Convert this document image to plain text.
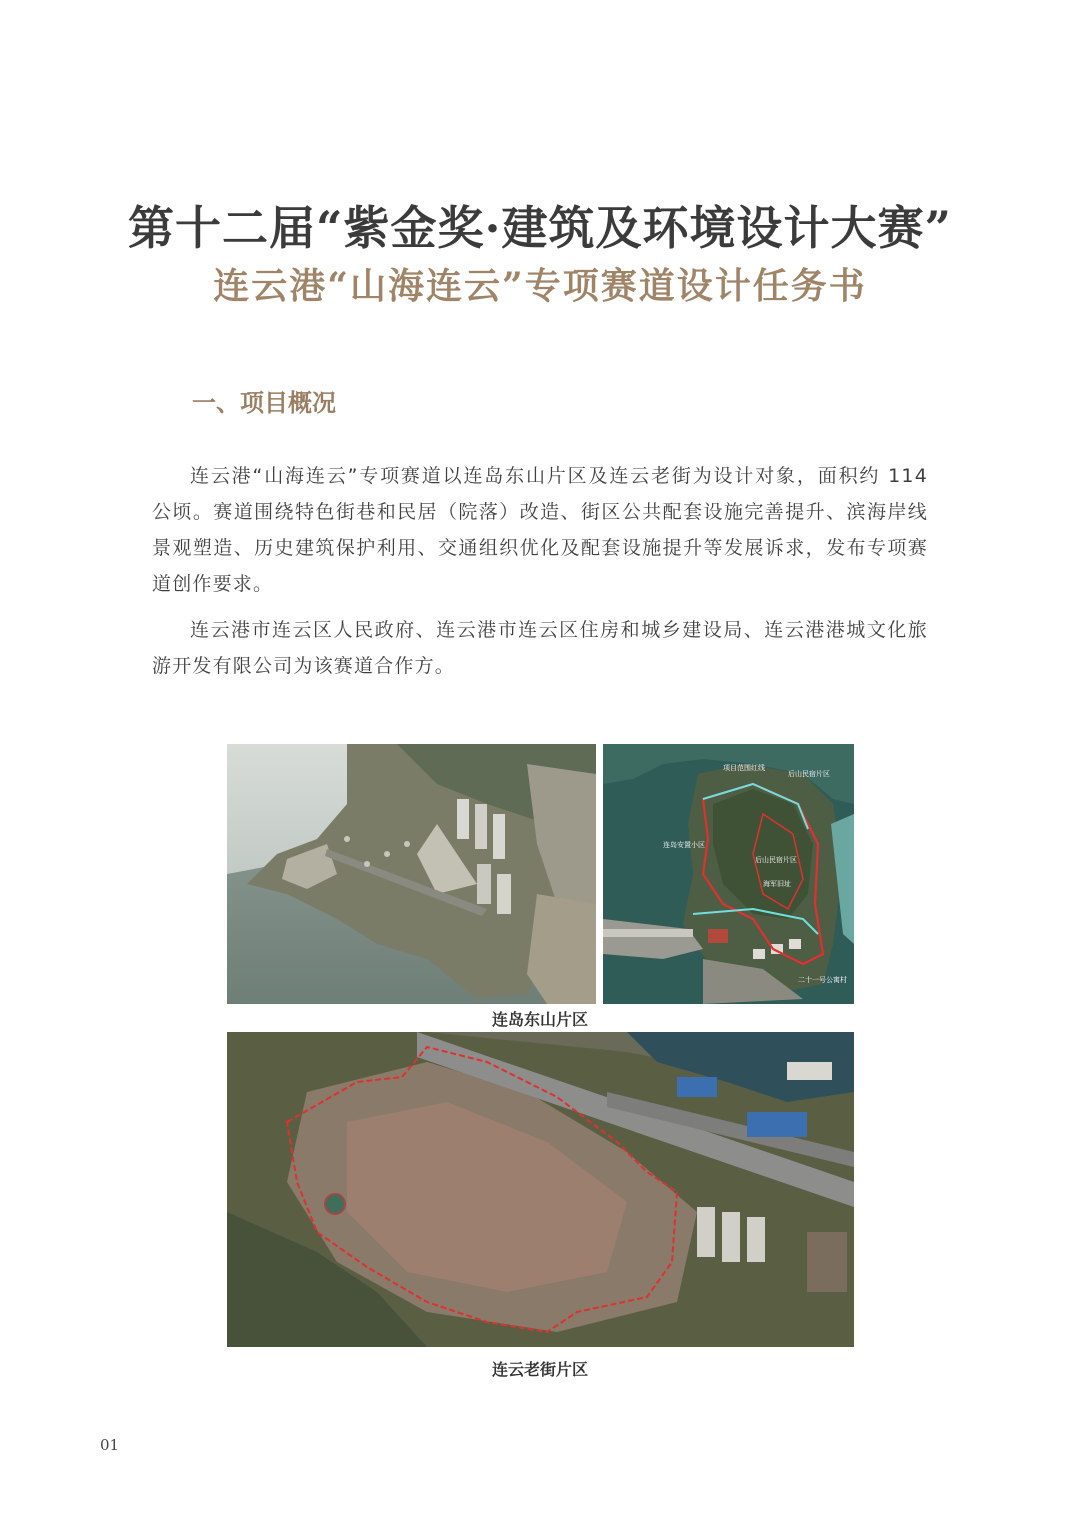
第十二届“紫金奖·建筑及环境设计大赛”
连云港“山海连云”专项赛道设计任务书
一、项目概况

连云港“山海连云”专项赛道以连岛东山片区及连云老街为设计对象，面积约 114 公顷。赛道围绕特色街巷和民居（院落）改造、街区公共配套设施完善提升、滨海岸线景观塑造、历史建筑保护利用、交通组织优化及配套设施提升等发展诉求，发布专项赛道创作要求。

连云港市连云区人民政府、连云港市连云区住房和城乡建设局、连云港港城文化旅游开发有限公司为该赛道合作方。

项目范围红线
后山民宿片区
连岛安置小区
后山民宿片区
海军旧址
二十一号公寓村

连岛东山片区

连云老街片区

01
